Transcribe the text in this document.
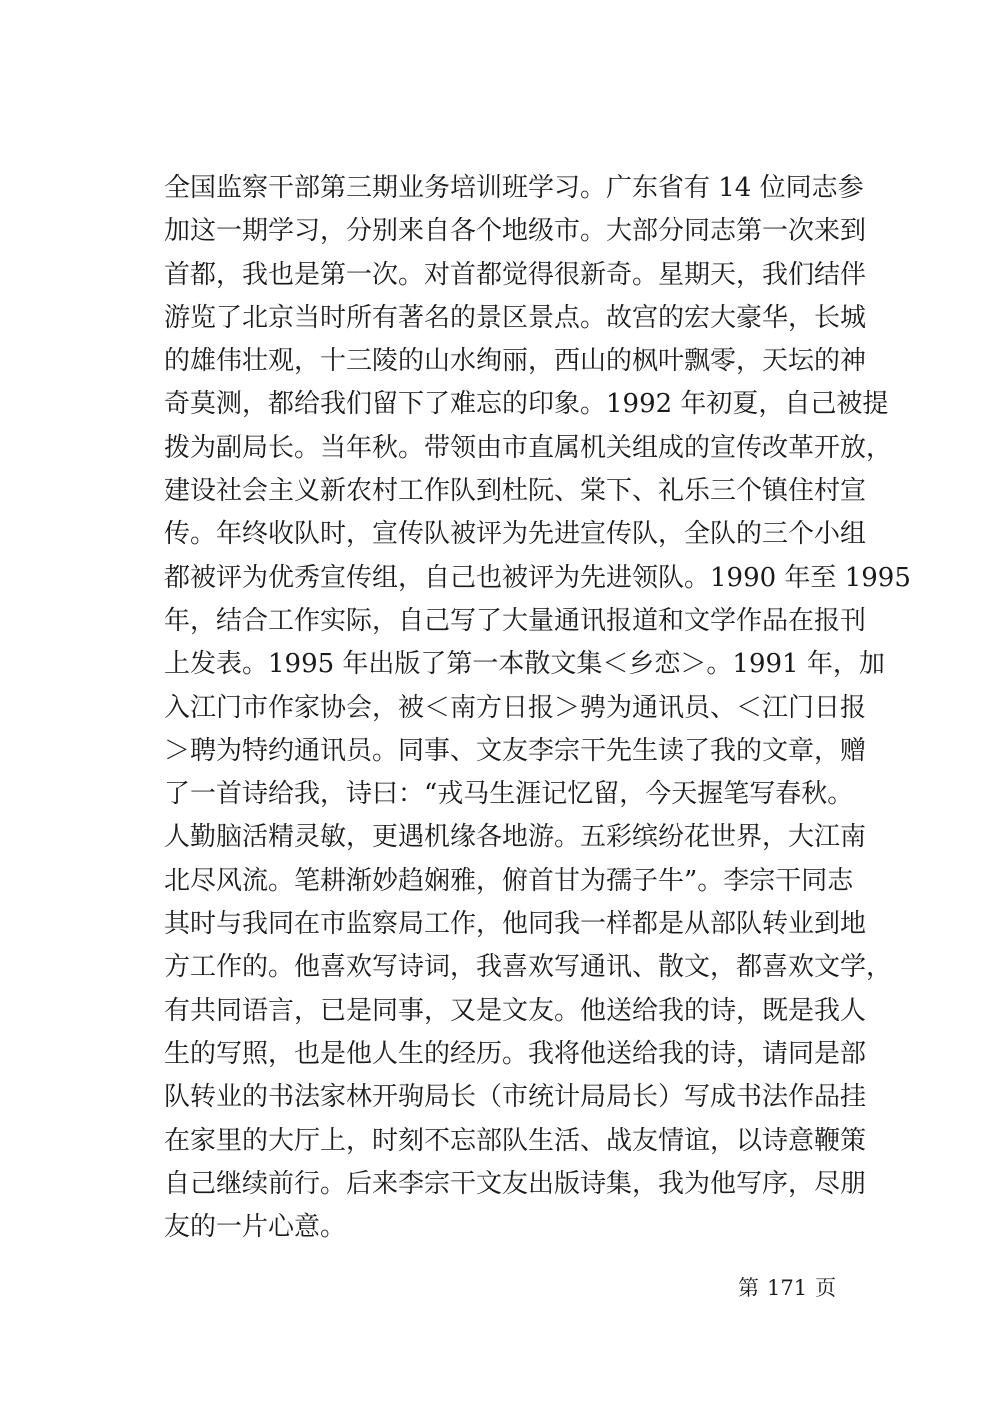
全国监察干部第三期业务培训班学习。广东省有 14 位同志参
加这一期学习，分别来自各个地级市。大部分同志第一次来到
首都，我也是第一次。对首都觉得很新奇。星期天，我们结伴
游览了北京当时所有著名的景区景点。故宫的宏大豪华，长城
的雄伟壮观，十三陵的山水绚丽，西山的枫叶飘零，天坛的神
奇莫测，都给我们留下了难忘的印象。1992 年初夏，自己被提
拨为副局长。当年秋。带领由市直属机关组成的宣传改革开放，
建设社会主义新农村工作队到杜阮、棠下、礼乐三个镇住村宣
传。年终收队时，宣传队被评为先进宣传队，全队的三个小组
都被评为优秀宣传组，自己也被评为先进领队。1990 年至 1995
年，结合工作实际，自己写了大量通讯报道和文学作品在报刊
上发表。1995 年出版了第一本散文集＜乡恋＞。1991 年，加
入江门市作家协会，被＜南方日报＞骋为通讯员、＜江门日报
＞聘为特约通讯员。同事、文友李宗干先生读了我的文章，赠
了一首诗给我，诗曰：“戎马生涯记忆留，今天握笔写春秋。
人勤脑活精灵敏，更遇机缘各地游。五彩缤纷花世界，大江南
北尽风流。笔耕渐妙趋娴雅，俯首甘为孺子牛”。李宗干同志
其时与我同在市监察局工作，他同我一样都是从部队转业到地
方工作的。他喜欢写诗词，我喜欢写通讯、散文，都喜欢文学，
有共同语言，已是同事，又是文友。他送给我的诗，既是我人
生的写照，也是他人生的经历。我将他送给我的诗，请同是部
队转业的书法家林开驹局长（市统计局局长）写成书法作品挂
在家里的大厅上，时刻不忘部队生活、战友情谊，以诗意鞭策
自己继续前行。后来李宗干文友出版诗集，我为他写序，尽朋
友的一片心意。
第 171 页
